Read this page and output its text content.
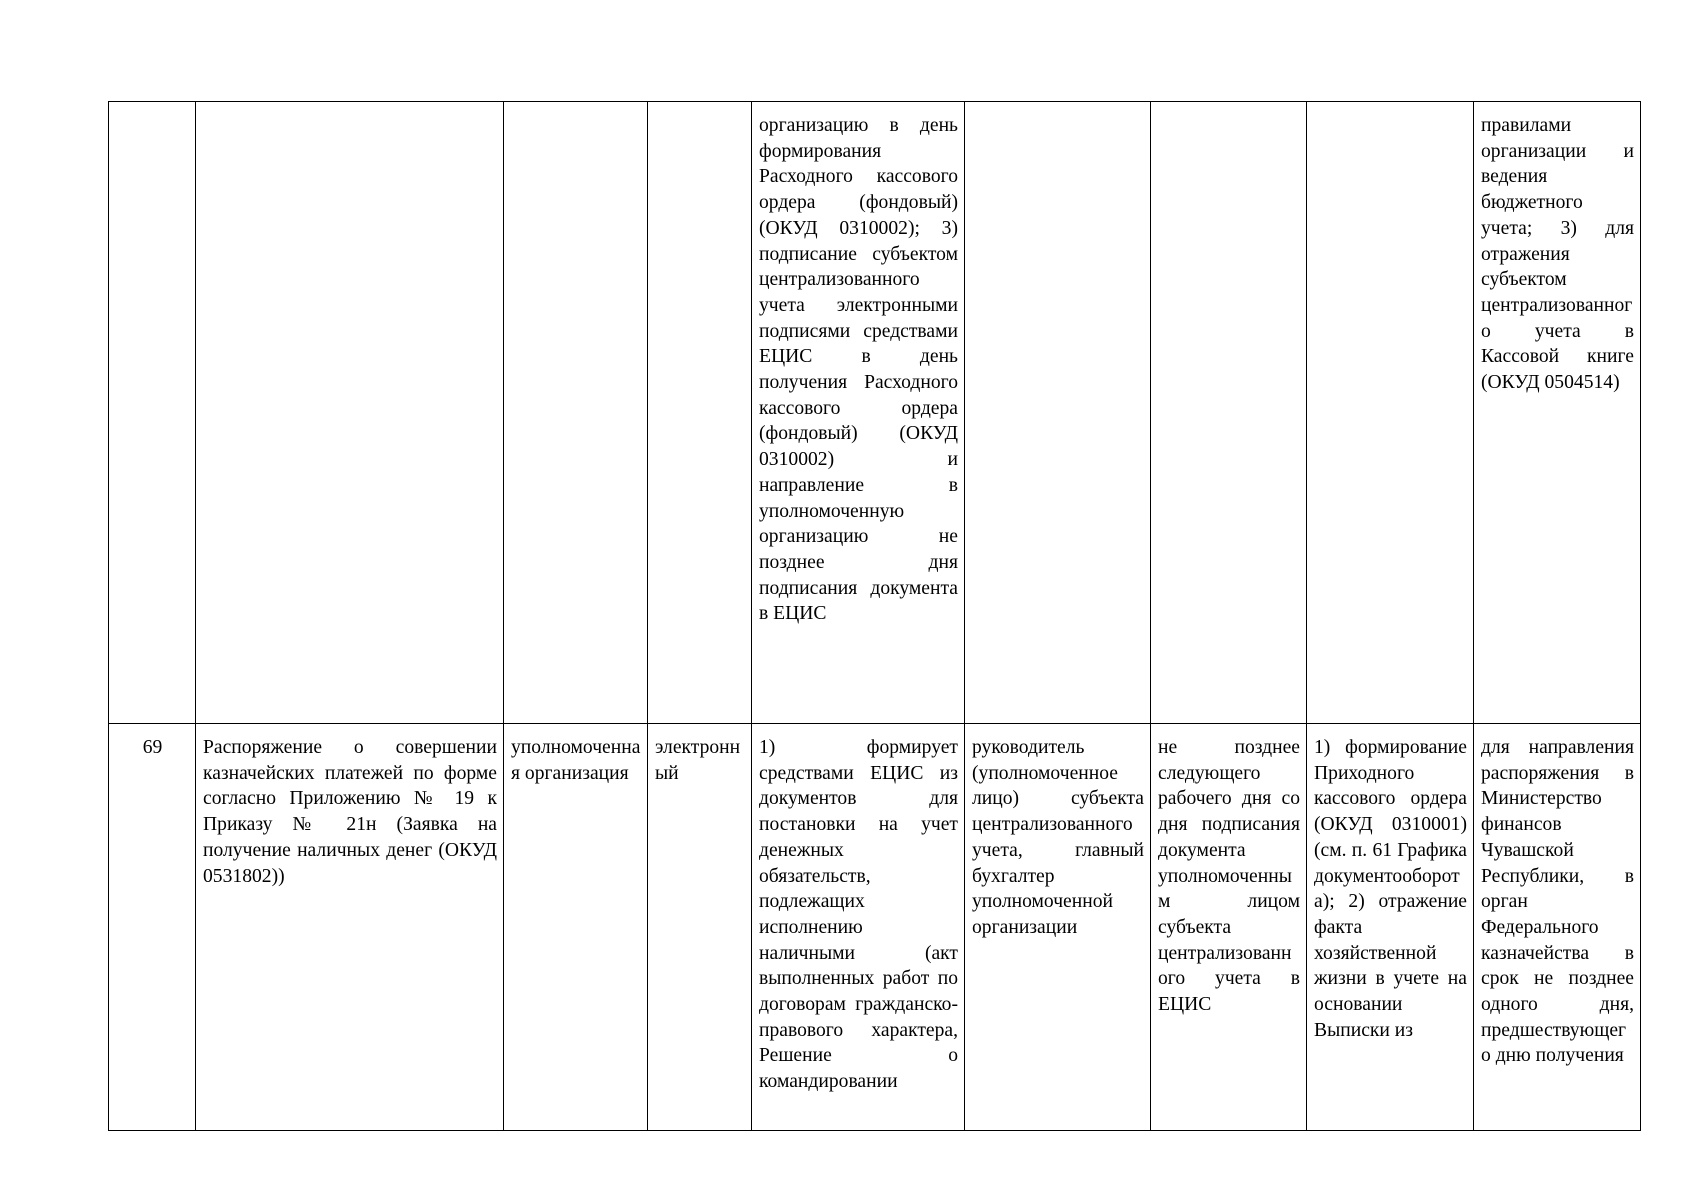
				организацию в день формирования Расходного кассового ордера (фондовый) (ОКУД 0310002); 3) подписание субъектом централизованного учета электронными подписями средствами ЕЦИС в день получения Расходного кассового ордера (фондовый) (ОКУД 0310002) и направление в уполномоченную организацию не позднее дня подписания документа в ЕЦИС				правилами организации и ведения бюджетного учета; 3) для отражения субъектом централизованного учета в Кассовой книге (ОКУД 0504514)
69	Распоряжение о совершении казначейских платежей по форме согласно Приложению № 19 к Приказу № 21н (Заявка на получение наличных денег (ОКУД 0531802))	уполномоченная организация	электронный	1) формирует средствами ЕЦИС из документов для постановки на учет денежных обязательств, подлежащих исполнению наличными (акт выполненных работ по договорам гражданско-правового характера, Решение о командировании	руководитель (уполномоченное лицо) субъекта централизованного учета, главный бухгалтер уполномоченной организации	не позднее следующего рабочего дня со дня подписания документа уполномоченным лицом субъекта централизованного учета в ЕЦИС	1) формирование Приходного кассового ордера (ОКУД 0310001) (см. п. 61 Графика документооборота); 2) отражение факта хозяйственной жизни в учете на основании Выписки из	для направления распоряжения в Министерство финансов Чувашской Республики, в орган Федерального казначейства в срок не позднее одного дня, предшествующего дню получения
